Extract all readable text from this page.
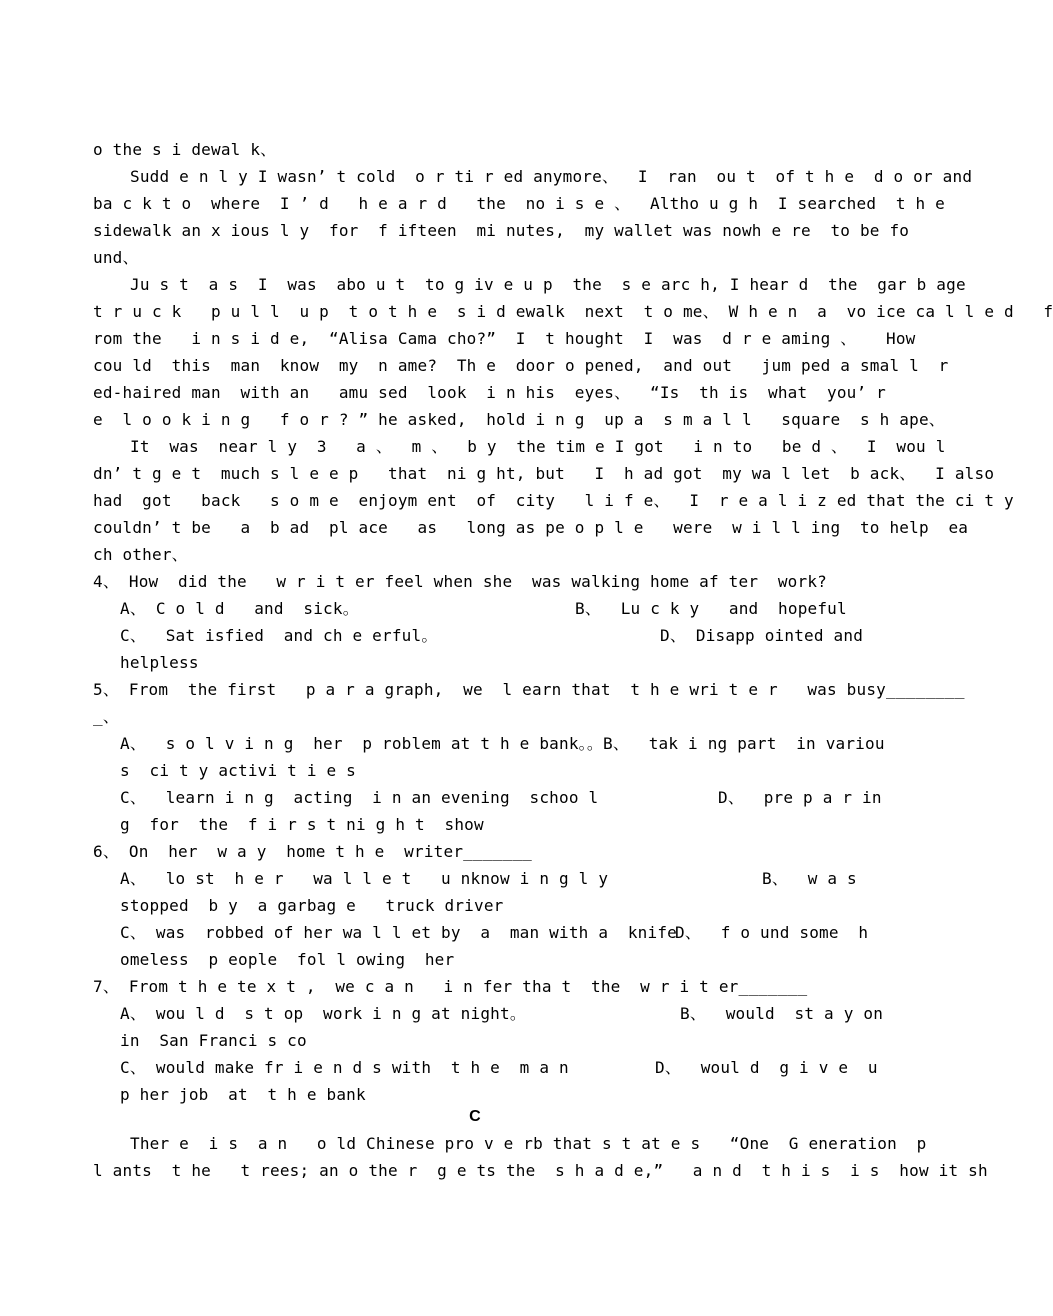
o the s i dewal k、
Sudd e n l y I wasn’ t cold  o r ti r ed anymore、  I  ran  ou t  of t h e  d o or and
ba c k t o  where  I ’ d   h e a r d   the  no i s e 、  Altho u g h  I searched  t h e
sidewalk an x ious l y  for  f ifteen  mi nutes,  my wallet was nowh e re  to be fo
und、
Ju s t  a s  I  was  abo u t  to g iv e u p  the  s e arc h, I hear d  the  gar b age
t r u c k   p u l l  u p  t o t h e  s i d ewalk  next  t o me、 W h e n  a  vo ice ca l l e d   f
rom the   i n s i d e,  “Alisa Cama cho?”  I  t hought  I  was  d r e aming 、   How
cou ld  this  man  know  my  n ame?  Th e  door o pened,  and out   jum ped a smal l  r
ed-haired man  with an   amu sed  look  i n his  eyes、  “Is  th is  what  you’ r
e  l o o k i n g   f o r ? ” he asked,  hold i n g  up a  s m a l l   square  s h ape、
It  was  near l y  3   a 、  m 、  b y  the tim e I got   i n to   be d 、  I  wou l
dn’ t g e t  much s l e e p   that  ni g ht, but   I  h ad got  my wa l let  b ack、  I also
had  got   back   s o m e  enjoym ent  of  city   l i f e、  I  r e a l i z ed that the ci t y
couldn’ t be   a  b ad  pl ace   as   long as pe o p l e   were  w i l l ing  to help  ea
ch other、
4、 How  did the   w r i t er feel when she  was walking home af ter  work?
A、 C o l d   and  sick。	B、  Lu c k y   and  hopeful
C、  Sat isfied  and ch e erful。	D、 Disapp ointed and
helpless
5、 From  the first   p a r a graph,  we  l earn that  t h e wri t e r   was busy________
_、
A、  s o l v i n g  her  p roblem at t h e bank。。 B、  tak i ng part  in variou
s  ci t y activi t i e s
C、  learn i n g  acting  i n an evening  schoo l	D、  pre p a r in
g  for  the  f i r s t ni g h t  show
6、 On  her  w a y  home t h e  writer_______
A、  lo st  h e r   wa l l e t   u nknow i n g l y	B、  w a s
stopped  b y  a garbag e   truck driver
C、 was  robbed of her wa l l et by  a  man with a  knife
D、  f o und some  h
omeless  p eople  fol l owing  her
7、 From t h e te x t ,  we c a n   i n fer tha t  the  w r i t er_______
A、 wou l d  s t op  work i n g at night。	B、  would  st a y on
in  San Franci s co
C、 would make fr i e n d s with  t h e  m a n	D、  woul d  g i v e  u
p her job  at  t h e bank
C
Ther e  i s  a n   o ld Chinese pro v e rb that s t at e s   “One  G eneration  p
l ants  t he   t rees; an o the r  g e ts the  s h a d e,”   a n d  t h i s  i s  how it sh
